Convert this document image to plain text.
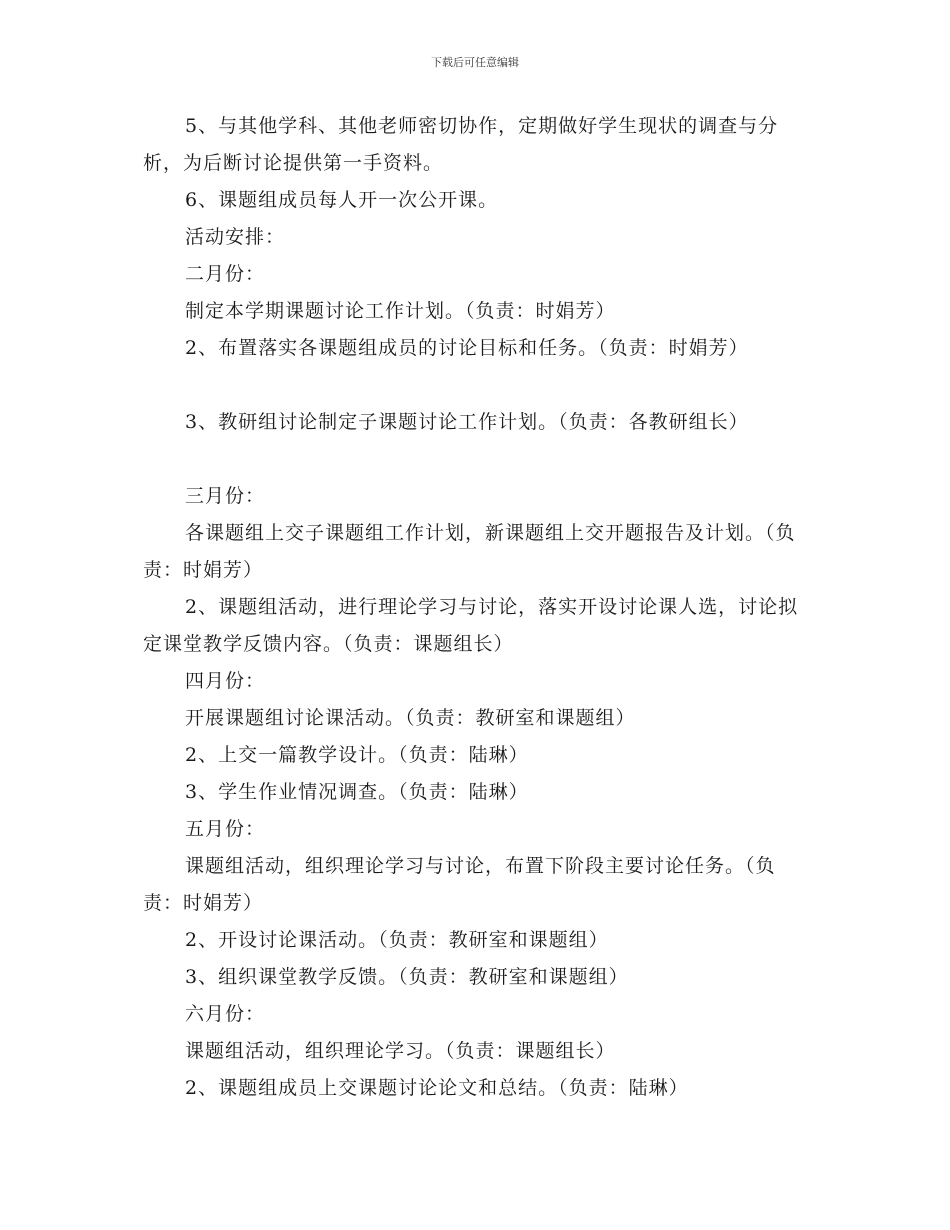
下载后可任意编辑

5、与其他学科、其他老师密切协作，定期做好学生现状的调查与分析，为后断讨论提供第一手资料。

6、课题组成员每人开一次公开课。

活动安排：

二月份：

制定本学期课题讨论工作计划。（负责：时娟芳）

2、布置落实各课题组成员的讨论目标和任务。（负责：时娟芳）

3、教研组讨论制定子课题讨论工作计划。（负责：各教研组长）

三月份：

各课题组上交子课题组工作计划，新课题组上交开题报告及计划。（负责：时娟芳）

2、课题组活动，进行理论学习与讨论，落实开设讨论课人选，讨论拟定课堂教学反馈内容。（负责：课题组长）

四月份：

开展课题组讨论课活动。（负责：教研室和课题组）

2、上交一篇教学设计。（负责：陆琳）

3、学生作业情况调查。（负责：陆琳）

五月份：

课题组活动，组织理论学习与讨论，布置下阶段主要讨论任务。（负责：时娟芳）

2、开设讨论课活动。（负责：教研室和课题组）

3、组织课堂教学反馈。（负责：教研室和课题组）

六月份：

课题组活动，组织理论学习。（负责：课题组长）

2、课题组成员上交课题讨论论文和总结。（负责：陆琳）
